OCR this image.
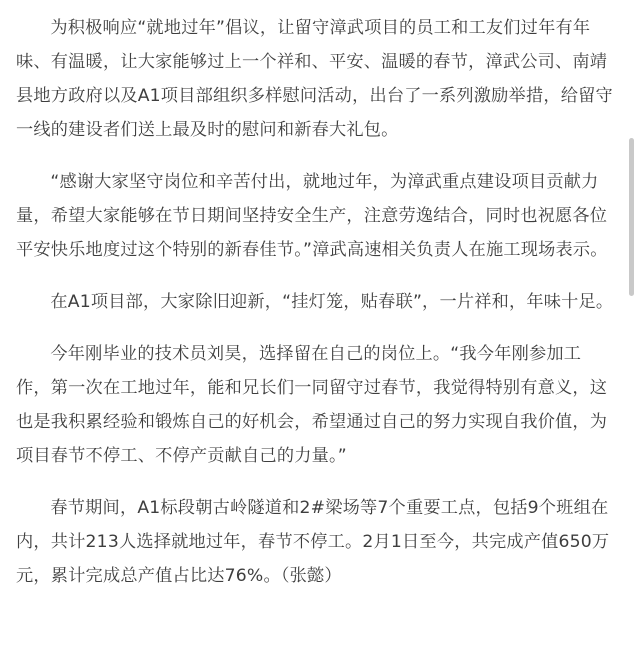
为积极响应“就地过年”倡议，让留守漳武项目的员工和工友们过年有年味、有温暖，让大家能够过上一个祥和、平安、温暖的春节，漳武公司、南靖县地方政府以及A1项目部组织多样慰问活动，出台了一系列激励举措，给留守一线的建设者们送上最及时的慰问和新春大礼包。

“感谢大家坚守岗位和辛苦付出，就地过年，为漳武重点建设项目贡献力量，希望大家能够在节日期间坚持安全生产，注意劳逸结合，同时也祝愿各位平安快乐地度过这个特别的新春佳节。”漳武高速相关负责人在施工现场表示。

在A1项目部，大家除旧迎新，“挂灯笼，贴春联”，一片祥和，年味十足。

今年刚毕业的技术员刘昊，选择留在自己的岗位上。“我今年刚参加工作，第一次在工地过年，能和兄长们一同留守过春节，我觉得特别有意义，这也是我积累经验和锻炼自己的好机会，希望通过自己的努力实现自我价值，为项目春节不停工、不停产贡献自己的力量。”

春节期间，A1标段朝古岭隧道和2#梁场等7个重要工点，包括9个班组在内，共计213人选择就地过年，春节不停工。2月1日至今，共完成产值650万元，累计完成总产值占比达76%。（张懿）
